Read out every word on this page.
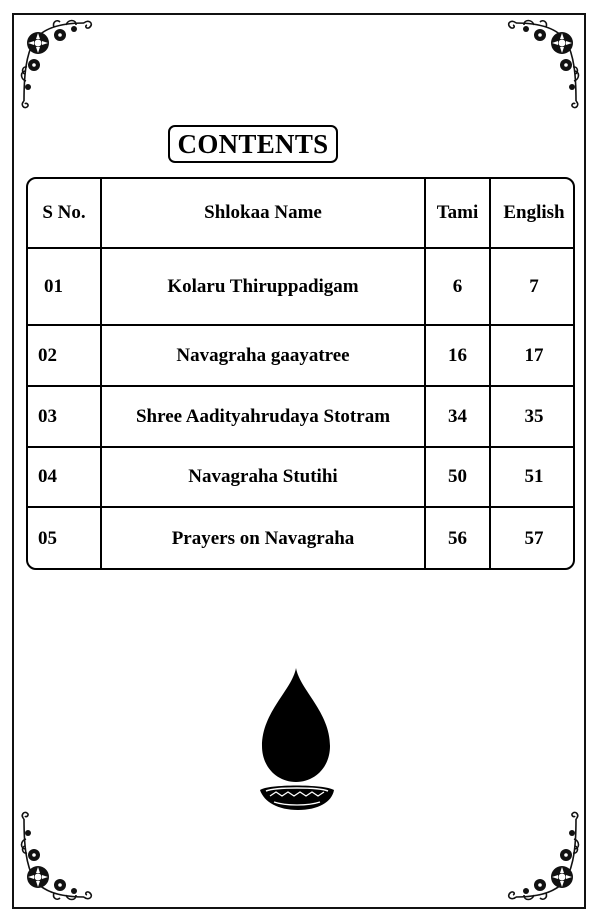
CONTENTS
S No.	Shlokaa Name	Tami	English
01	Kolaru Thiruppadigam	6	7
02	Navagraha gaayatree	16	17
03	Shree Aadityahrudaya Stotram	34	35
04	Navagraha Stutihi	50	51
05	Prayers on Navagraha	56	57
